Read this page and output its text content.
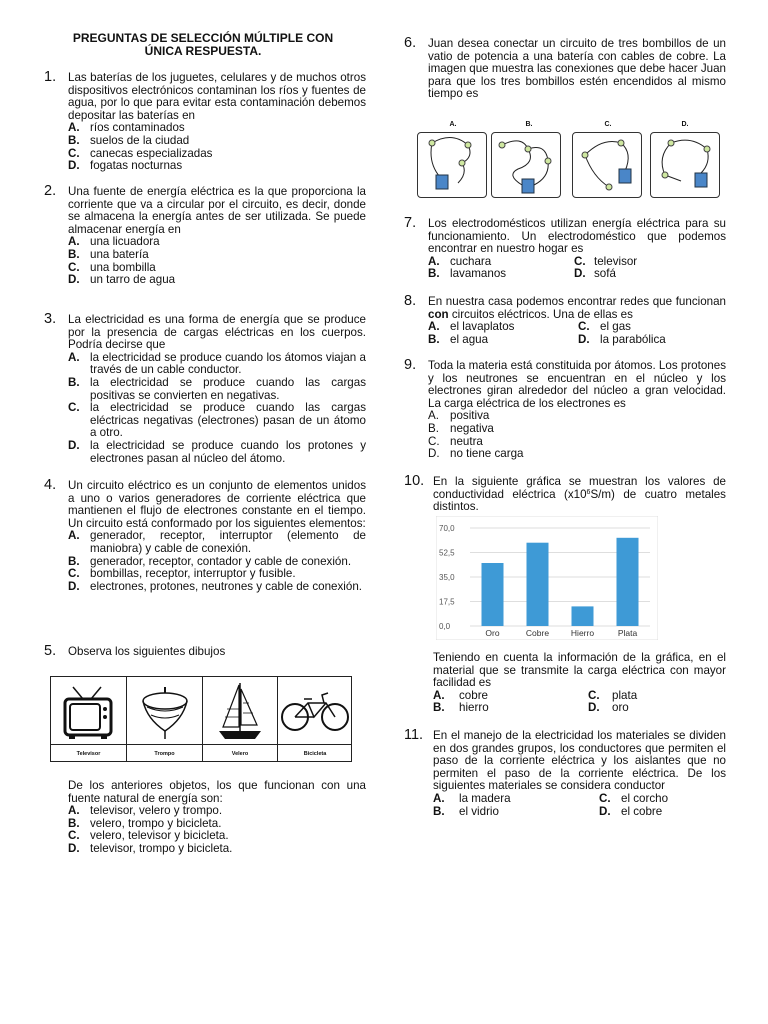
PREGUNTAS DE SELECCIÓN MÚLTIPLE CON ÚNICA RESPUESTA.
1. Las baterías de los juguetes, celulares y de muchos otros dispositivos electrónicos contaminan los ríos y fuentes de agua, por lo que para evitar esta contaminación debemos depositar las baterías en
A. ríos contaminados
B. suelos de la ciudad
C. canecas especializadas
D. fogatas nocturnas
2. Una fuente de energía eléctrica es la que proporciona la corriente que va a circular por el circuito, es decir, donde se almacena la energía antes de ser utilizada. Se puede almacenar energía en
A. una licuadora
B. una batería
C. una bombilla
D. un tarro de agua
3. La electricidad es una forma de energía que se produce por la presencia de cargas eléctricas en los cuerpos. Podría decirse que
A. la electricidad se produce cuando los átomos viajan a través de un cable conductor.
B. la electricidad se produce cuando las cargas positivas se convierten en negativas.
C. la electricidad se produce cuando las cargas eléctricas negativas (electrones) pasan de un átomo a otro.
D. la electricidad se produce cuando los protones y electrones pasan al núcleo del átomo.
4. Un circuito eléctrico es un conjunto de elementos unidos a uno o varios generadores de corriente eléctrica que mantienen el flujo de electrones constante en el tiempo. Un circuito está conformado por los siguientes elementos:
A. generador, receptor, interruptor (elemento de maniobra) y cable de conexión.
B. generador, receptor, contador y cable de conexión.
C. bombillas, receptor, interruptor y fusible.
D. electrones, protones, neutrones y cable de conexión.
5. Observa los siguientes dibujos
De los anteriores objetos, los que funcionan con una fuente natural de energía son:
A. televisor, velero y trompo.
B. velero, trompo y bicicleta.
C. velero, televisor y bicicleta.
D. televisor, trompo y bicicleta.
Televisor	Trompo	Velero	Bicicleta
6. Juan desea conectar un circuito de tres bombillos de un vatio de potencia a una batería con cables de cobre. La imagen que muestra las conexiones que debe hacer Juan para que los tres bombillos estén encendidos al mismo tiempo es
7. Los electrodomésticos utilizan energía eléctrica para su funcionamiento. Un electrodoméstico que podemos encontrar en nuestro hogar es
A. cuchara	C. televisor
B. lavamanos	D. sofá
8. En nuestra casa podemos encontrar redes que funcionan con circuitos eléctricos. Una de ellas es
A. el lavaplatos	C. el gas
B. el agua	D. la parabólica
9. Toda la materia está constituida por átomos. Los protones y los neutrones se encuentran en el núcleo y los electrones giran alrededor del núcleo a gran velocidad. La carga eléctrica de los electrones es
A. positiva
B. negativa
C. neutra
D. no tiene carga
10. En la siguiente gráfica se muestran los valores de conductividad eléctrica $(x10^6S/m)$ de cuatro metales distintos.
Teniendo en cuenta la información de la gráfica, en el material que se transmite la carga eléctrica con mayor facilidad es
A. cobre	C. plata
B. hierro	D. oro
11. En el manejo de la electricidad los materiales se dividen en dos grandes grupos, los conductores que permiten el paso de la corriente eléctrica y los aislantes que no permiten el paso de la corriente eléctrica. De los siguientes materiales se considera conductor
A. la madera	C. el corcho
B. el vidrio	D. el cobre
A.	B.	C.	D.
70,0
52,5
35,0
17,5
0,0
Oro	Cobre	Hierro	Plata
